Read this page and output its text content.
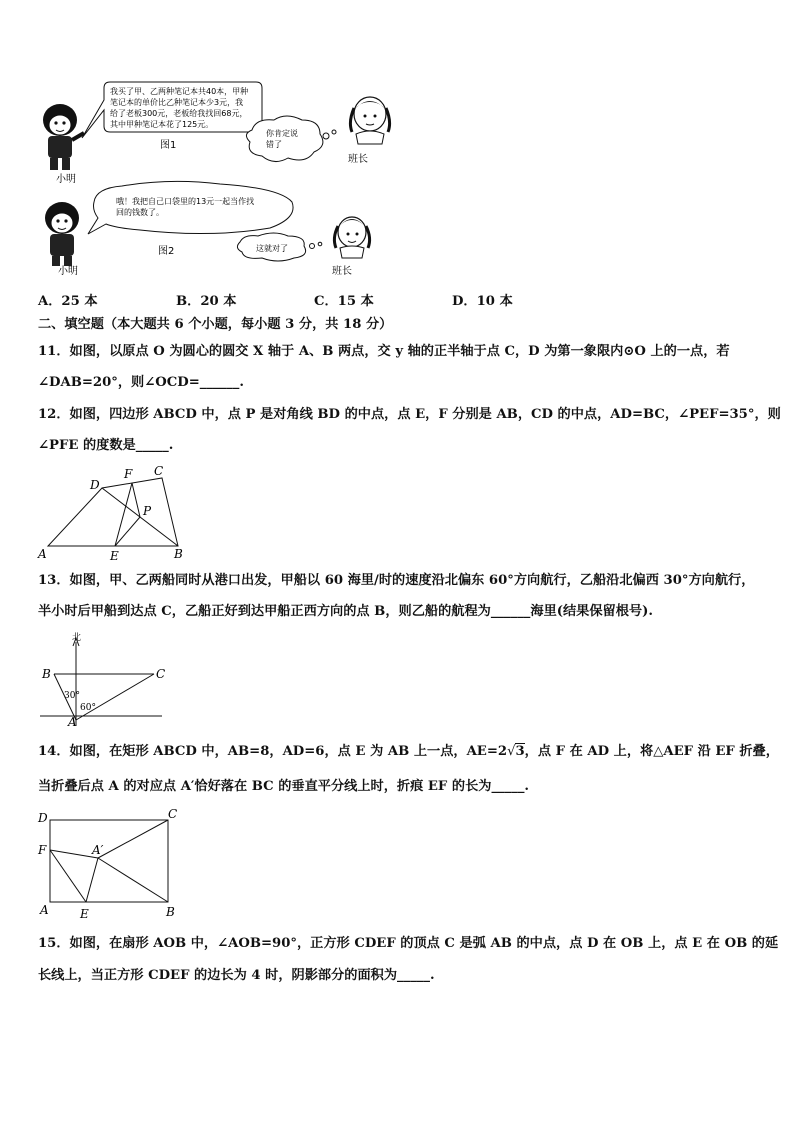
我买了甲、乙两种笔记本共40本，甲种
笔记本的单价比乙种笔记本少3元，我
给了老板300元，老板给我找回68元，
其中甲种笔记本花了125元。
图1
小明
你肯定说
错了
班长
哦！我把自己口袋里的13元一起当作找
回的钱数了。
图2
小明
这就对了
班长
A．25 本	B．20 本	C．15 本	D．10 本
二、填空题（本大题共 6 个小题，每小题 3 分，共 18 分）
11．如图，以原点 O 为圆心的圆交 X 轴于 A、B 两点，交 y 轴的正半轴于点 C，D 为第一象限内⊙O 上的一点，若
∠DAB=20°，则∠OCD=______.
12．如图，四边形 ABCD 中，点 P 是对角线 BD 的中点，点 E，F 分别是 AB，CD 的中点，AD=BC，∠PEF=35°，则
∠PFE 的度数是_____.
A	B
C
D
E
F
P
13．如图，甲、乙两船同时从港口出发，甲船以 60 海里/时的速度沿北偏东 60°方向航行，乙船沿北偏西 30°方向航行，
半小时后甲船到达点 C，乙船正好到达甲船正西方向的点 B，则乙船的航程为______海里(结果保留根号).
北
B	C
A
30°
60°
14．如图，在矩形 ABCD 中，AB=8，AD=6，点 E 为 AB 上一点，AE=2√3，点 F 在 AD 上，将△AEF 沿 EF 折叠，
当折叠后点 A 的对应点 A′恰好落在 BC 的垂直平分线上时，折痕 EF 的长为_____.
D	C
F	A′
A	E	B
15．如图，在扇形 AOB 中，∠AOB=90°，正方形 CDEF 的顶点 C 是弧 AB 的中点，点 D 在 OB 上，点 E 在 OB 的延
长线上，当正方形 CDEF 的边长为 4 时，阴影部分的面积为_____.
